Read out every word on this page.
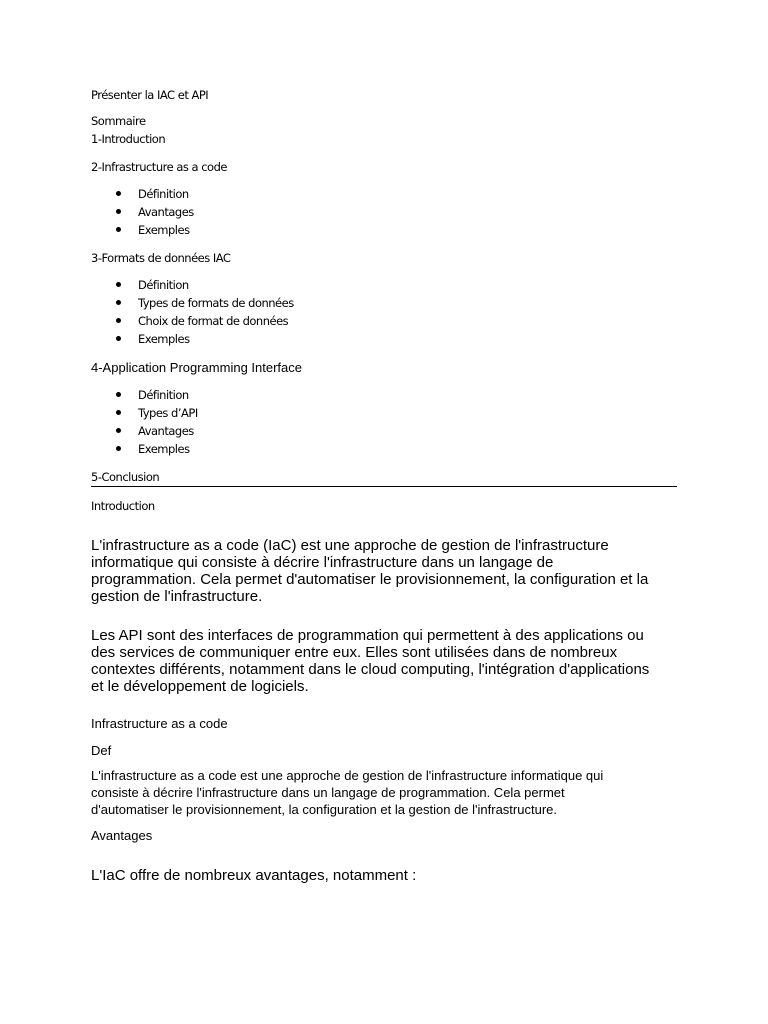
Présenter la IAC et API

Sommaire

1-Introduction

2-Infrastructure as a code

Définition
Avantages
Exemples

3-Formats de données IAC

Définition
Types de formats de données
Choix de format de données
Exemples

4-Application Programming Interface

Définition
Types d’API
Avantages
Exemples

5-Conclusion

Introduction

L'infrastructure as a code (IaC) est une approche de gestion de l'infrastructure
informatique qui consiste à décrire l'infrastructure dans un langage de
programmation. Cela permet d'automatiser le provisionnement, la configuration et la
gestion de l'infrastructure.
Les API sont des interfaces de programmation qui permettent à des applications ou
des services de communiquer entre eux. Elles sont utilisées dans de nombreux
contextes différents, notamment dans le cloud computing, l'intégration d'applications
et le développement de logiciels.

Infrastructure as a code

Def

L'infrastructure as a code est une approche de gestion de l'infrastructure informatique qui
consiste à décrire l'infrastructure dans un langage de programmation. Cela permet
d'automatiser le provisionnement, la configuration et la gestion de l'infrastructure.

Avantages

L'IaC offre de nombreux avantages, notamment :
